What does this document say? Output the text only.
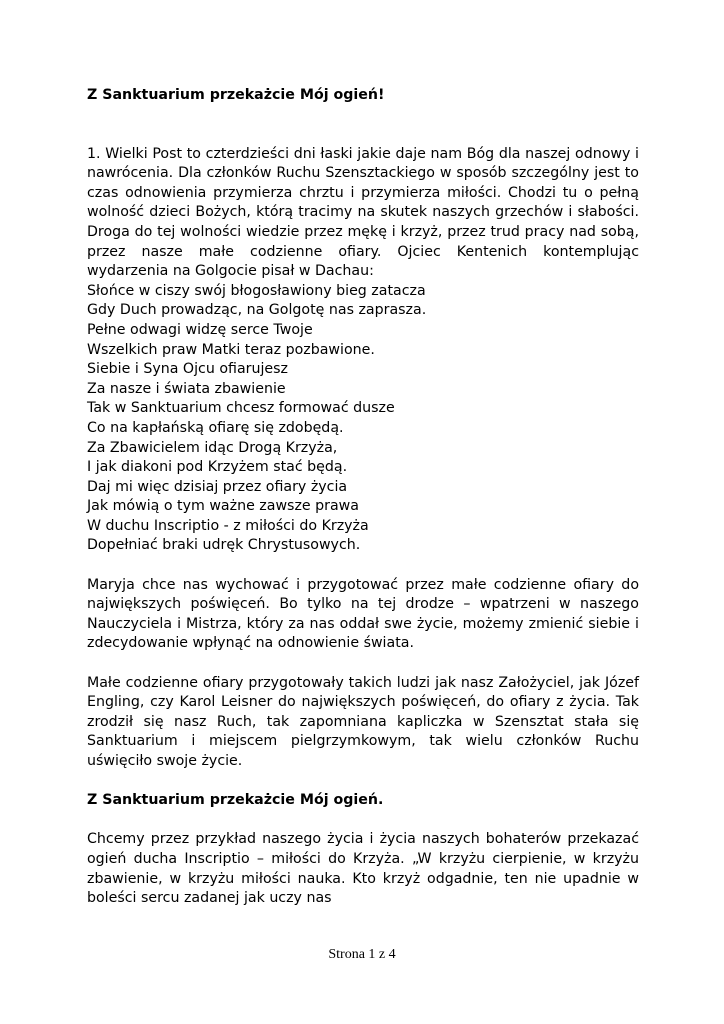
Z Sanktuarium przekażcie Mój ogień!

1. Wielki Post to czterdzieści dni łaski jakie daje nam Bóg dla naszej odnowy i nawrócenia. Dla członków Ruchu Szensztackiego w sposób szczególny jest to czas odnowienia przymierza chrztu i przymierza miłości. Chodzi tu o pełną wolność dzieci Bożych, którą tracimy na skutek naszych grzechów i słabości. Droga do tej wolności wiedzie przez mękę i krzyż, przez trud pracy nad sobą, przez nasze małe codzienne ofiary. Ojciec Kentenich kontemplując wydarzenia na Golgocie pisał w Dachau:

Słońce w ciszy swój błogosławiony bieg zatacza
Gdy Duch prowadząc, na Golgotę nas zaprasza.
Pełne odwagi widzę serce Twoje
Wszelkich praw Matki teraz pozbawione.
Siebie i Syna Ojcu ofiarujesz
Za nasze i świata zbawienie
Tak w Sanktuarium chcesz formować dusze
Co na kapłańską ofiarę się zdobędą.
Za Zbawicielem idąc Drogą Krzyża,
I jak diakoni pod Krzyżem stać będą.
Daj mi więc dzisiaj przez ofiary życia
Jak mówią o tym ważne zawsze prawa
W duchu Inscriptio - z miłości do Krzyża
Dopełniać braki udręk Chrystusowych.

Maryja chce nas wychować i przygotować przez małe codzienne ofiary do największych poświęceń. Bo tylko na tej drodze – wpatrzeni w naszego Nauczyciela i Mistrza, który za nas oddał swe życie, możemy zmienić siebie i zdecydowanie wpłynąć na odnowienie świata.

Małe codzienne ofiary przygotowały takich ludzi jak nasz Założyciel, jak Józef Engling, czy Karol Leisner do największych poświęceń, do ofiary z życia. Tak zrodził się nasz Ruch, tak zapomniana kapliczka w Szensztat stała się Sanktuarium i miejscem pielgrzymkowym, tak wielu członków Ruchu uświęciło swoje życie.

Z Sanktuarium przekażcie Mój ogień.

Chcemy przez przykład naszego życia i życia naszych bohaterów przekazać ogień ducha Inscriptio – miłości do Krzyża. „W krzyżu cierpienie, w krzyżu zbawienie, w krzyżu miłości nauka. Kto krzyż odgadnie, ten nie upadnie w boleści sercu zadanej jak uczy nas

Strona 1 z 4
